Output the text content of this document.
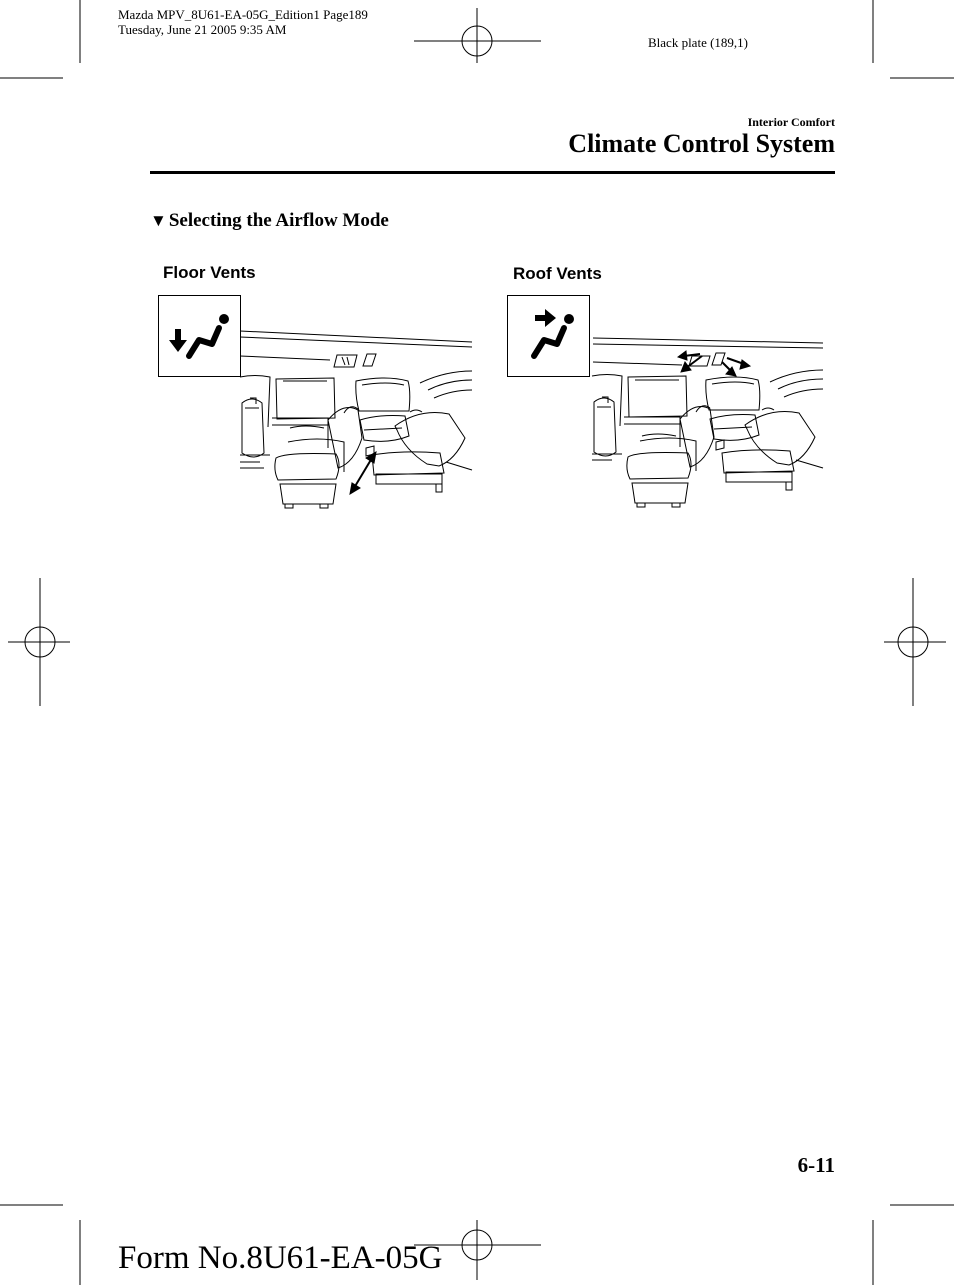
Mazda MPV_8U61-EA-05G_Edition1 Page189
Tuesday, June 21 2005 9:35 AM
Black plate (189,1)
Interior Comfort
Climate Control System
▼ Selecting the Airflow Mode
Floor Vents	Roof Vents
6-11
Form No.8U61-EA-05G
